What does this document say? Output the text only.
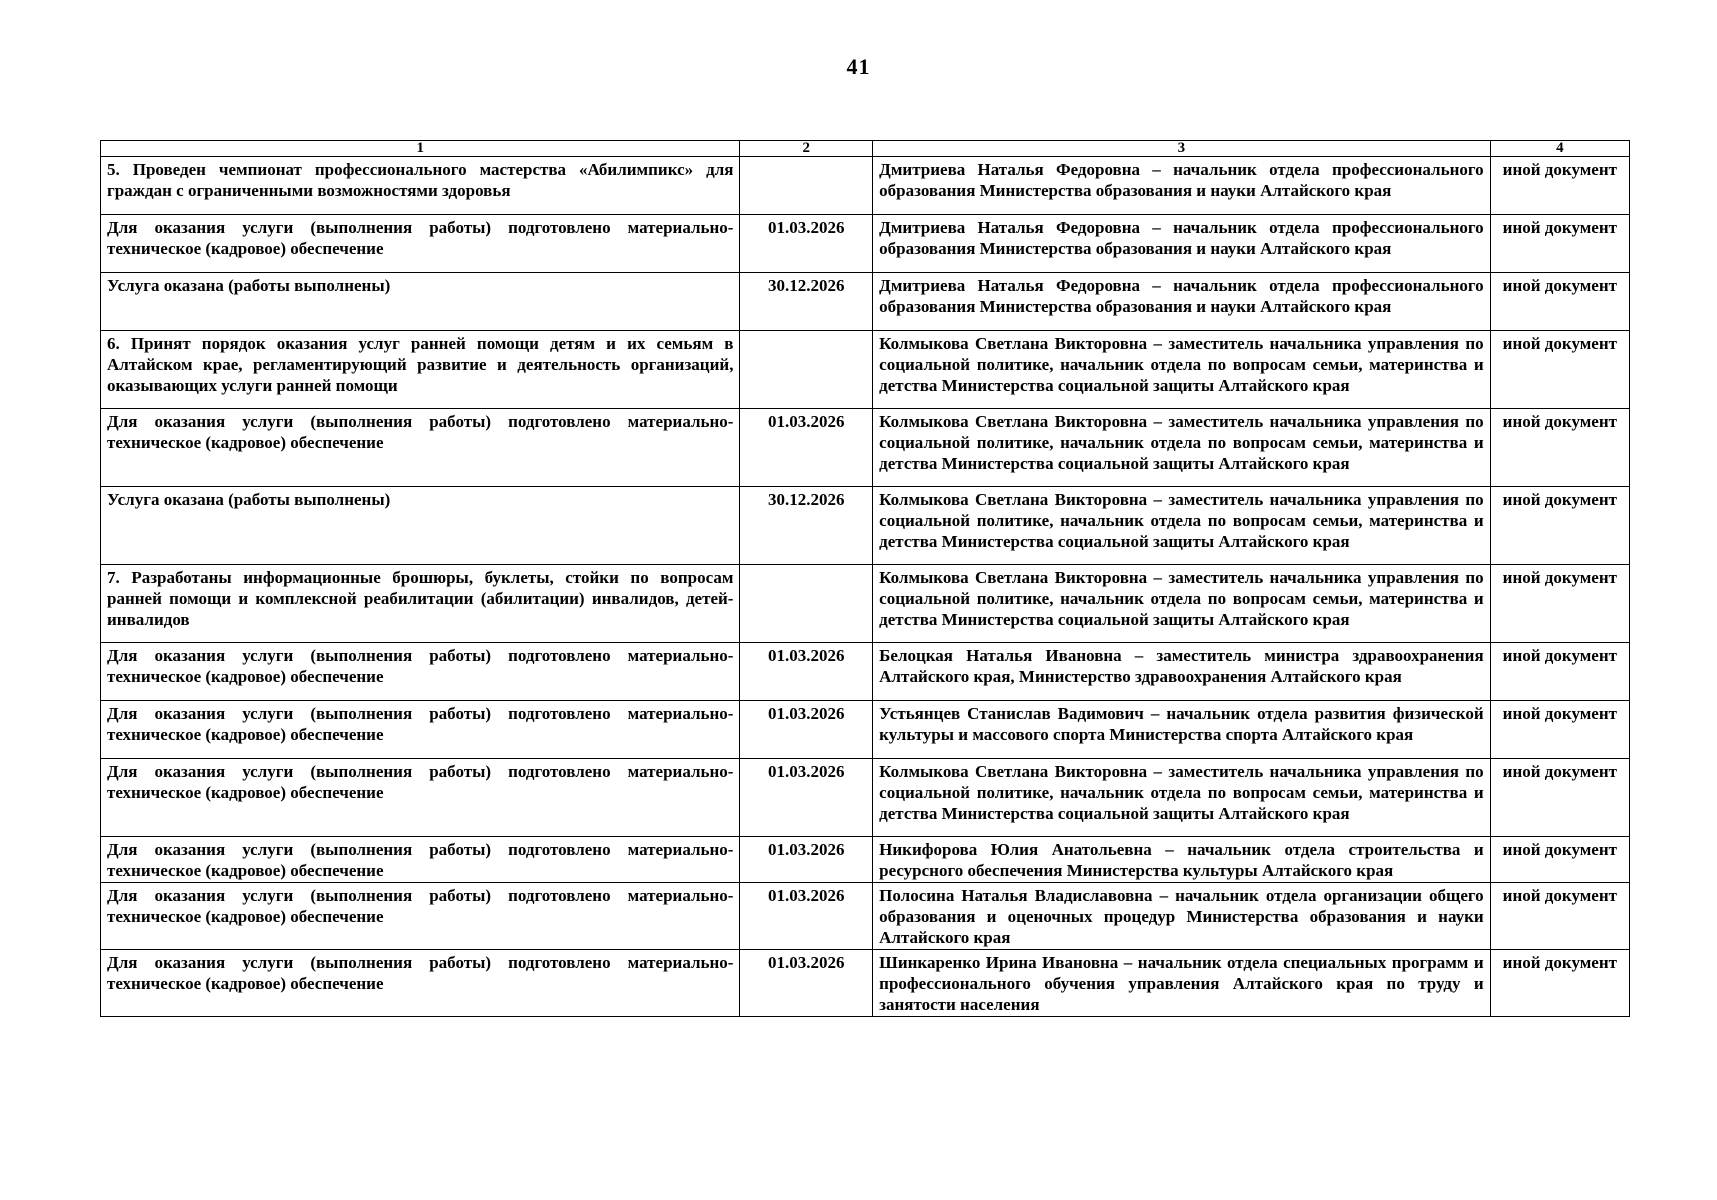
41
1	2	3	4
5. Проведен чемпионат профессионального мастерства «Абилимпикс» для граждан с ограниченными возможностями здоровья		Дмитриева Наталья Федоровна – начальник отдела профессионального образования Министерства образования и науки Алтайского края	иной документ
Для оказания услуги (выполнения работы) подготовлено материально-техническое (кадровое) обеспечение	01.03.2026	Дмитриева Наталья Федоровна – начальник отдела профессионального образования Министерства образования и науки Алтайского края	иной документ
Услуга оказана (работы выполнены)	30.12.2026	Дмитриева Наталья Федоровна – начальник отдела профессионального образования Министерства образования и науки Алтайского края	иной документ
6. Принят порядок оказания услуг ранней помощи детям и их семьям в Алтайском крае, регламентирующий развитие и деятельность организаций, оказывающих услуги ранней помощи		Колмыкова Светлана Викторовна – заместитель начальника управления по социальной политике, начальник отдела по вопросам семьи, материнства и детства Министерства социальной защиты Алтайского края	иной документ
Для оказания услуги (выполнения работы) подготовлено материально-техническое (кадровое) обеспечение	01.03.2026	Колмыкова Светлана Викторовна – заместитель начальника управления по социальной политике, начальник отдела по вопросам семьи, материнства и детства Министерства социальной защиты Алтайского края	иной документ
Услуга оказана (работы выполнены)	30.12.2026	Колмыкова Светлана Викторовна – заместитель начальника управления по социальной политике, начальник отдела по вопросам семьи, материнства и детства Министерства социальной защиты Алтайского края	иной документ
7. Разработаны информационные брошюры, буклеты, стойки по вопросам ранней помощи и комплексной реабилитации (абилитации) инвалидов, детей-инвалидов		Колмыкова Светлана Викторовна – заместитель начальника управления по социальной политике, начальник отдела по вопросам семьи, материнства и детства Министерства социальной защиты Алтайского края	иной документ
Для оказания услуги (выполнения работы) подготовлено материально-техническое (кадровое) обеспечение	01.03.2026	Белоцкая Наталья Ивановна – заместитель министра здравоохранения Алтайского края, Министерство здравоохранения Алтайского края	иной документ
Для оказания услуги (выполнения работы) подготовлено материально-техническое (кадровое) обеспечение	01.03.2026	Устьянцев Станислав Вадимович – начальник отдела развития физической культуры и массового спорта Министерства спорта Алтайского края	иной документ
Для оказания услуги (выполнения работы) подготовлено материально-техническое (кадровое) обеспечение	01.03.2026	Колмыкова Светлана Викторовна – заместитель начальника управления по социальной политике, начальник отдела по вопросам семьи, материнства и детства Министерства социальной защиты Алтайского края	иной документ
Для оказания услуги (выполнения работы) подготовлено материально-техническое (кадровое) обеспечение	01.03.2026	Никифорова Юлия Анатольевна – начальник отдела строительства и ресурсного обеспечения Министерства культуры Алтайского края	иной документ
Для оказания услуги (выполнения работы) подготовлено материально-техническое (кадровое) обеспечение	01.03.2026	Полосина Наталья Владиславовна – начальник отдела организации общего образования и оценочных процедур Министерства образования и науки Алтайского края	иной документ
Для оказания услуги (выполнения работы) подготовлено материально-техническое (кадровое) обеспечение	01.03.2026	Шинкаренко Ирина Ивановна – начальник отдела специальных программ и профессионального обучения управления Алтайского края по труду и занятости населения	иной документ
